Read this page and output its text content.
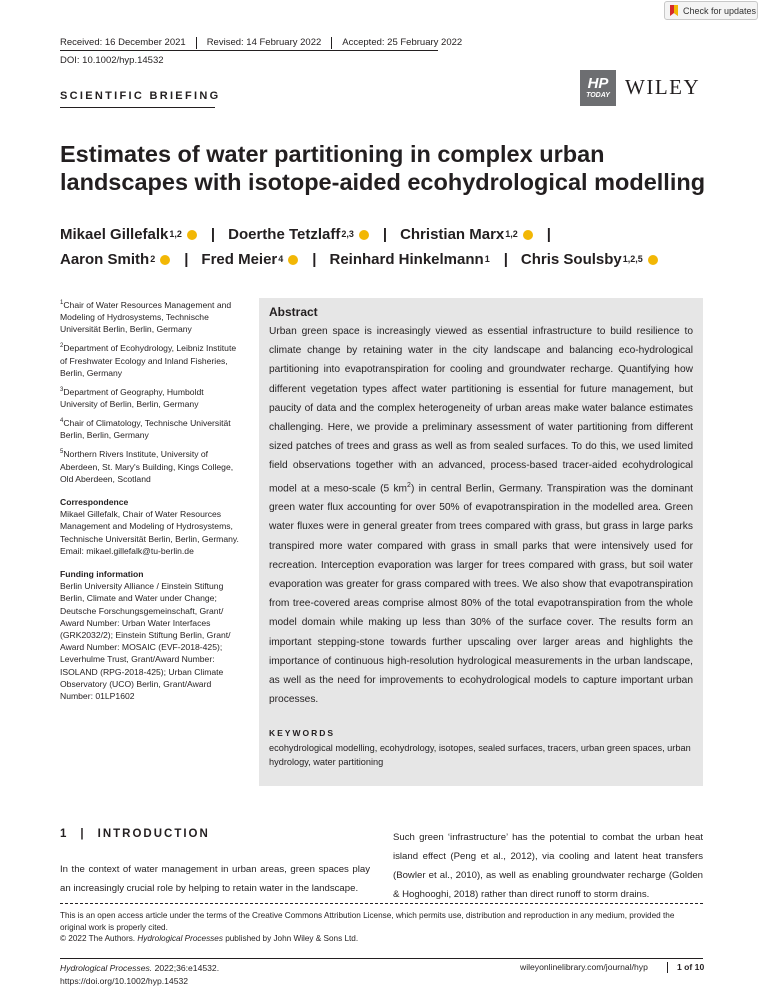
Check for updates
Received: 16 December 2021	Revised: 14 February 2022	Accepted: 25 February 2022
DOI: 10.1002/hyp.14532
HP
TODAY WILEY
SCIENTIFIC BRIEFING
Estimates of water partitioning in complex urban landscapes with isotope-aided ecohydrological modelling
Mikael Gillefalk$^{1,2}$ | Doerthe Tetzlaff$^{2,3}$ | Christian Marx$^{1,2}$ |

Aaron Smith$^2$ | Fred Meier$^4$ | Reinhard Hinkelmann$^1$ | Chris Soulsby$^{1,2,5}$
$^1$Chair of Water Resources Management and Modeling of Hydrosystems, Technische Universität Berlin, Berlin, Germany
$^2$Department of Ecohydrology, Leibniz Institute of Freshwater Ecology and Inland Fisheries, Berlin, Germany
$^3$Department of Geography, Humboldt University of Berlin, Berlin, Germany
$^4$Chair of Climatology, Technische Universität Berlin, Berlin, Germany
$^5$Northern Rivers Institute, University of Aberdeen, St. Mary's Building, Kings College, Old Aberdeen, Scotland
Correspondence
Mikael Gillefalk, Chair of Water Resources Management and Modeling of Hydrosystems, Technische Universität Berlin, Berlin, Germany.
Email: mikael.gillefalk@tu-berlin.de
Funding information
Berlin University Alliance / Einstein Stiftung Berlin, Climate and Water under Change; Deutsche Forschungsgemeinschaft, Grant/ Award Number: Urban Water Interfaces (GRK2032/2); Einstein Stiftung Berlin, Grant/ Award Number: MOSAIC (EVF-2018-425); Leverhulme Trust, Grant/Award Number: ISOLAND (RPG-2018-425); Urban Climate Observatory (UCO) Berlin, Grant/Award Number: 01LP1602
Abstract

Urban green space is increasingly viewed as essential infrastructure to build resilience to climate change by retaining water in the city landscape and balancing eco-hydrological partitioning into evapotranspiration for cooling and groundwater recharge. Quantifying how different vegetation types affect water partitioning is essential for future management, but paucity of data and the complex heterogeneity of urban areas make water balance estimates challenging. Here, we provide a preliminary assessment of water partitioning from different sized patches of trees and grass as well as from sealed surfaces. To do this, we used limited field observations together with an advanced, process-based tracer-aided ecohydrological model at a meso-scale (5 $km^2$) in central Berlin, Germany. Transpiration was the dominant green water flux accounting for over 50% of evapotranspiration in the modelled area. Green water fluxes were in general greater from trees compared with grass, but grass in large parks transpired more water compared with grass in small parks that were intensively used for recreation. Interception evaporation was larger for trees compared with grass, but soil water evaporation was greater for grass compared with trees. We also show that evapotranspiration from tree-covered areas comprise almost 80% of the total evapotranspiration from the whole model domain while making up less than 30% of the surface cover. The results form an important stepping-stone towards further upscaling over larger areas and highlights the importance of continuous high-resolution hydrological measurements in the urban landscape, as well as the need for improvements to ecohydrological models to capture important urban processes.

KEYWORDS
ecohydrological modelling, ecohydrology, isotopes, sealed surfaces, tracers, urban green spaces, urban hydrology, water partitioning
1 | INTRODUCTION

In the context of water management in urban areas, green spaces play an increasingly crucial role by helping to retain water in the landscape.

Such green ‘infrastructure’ has the potential to combat the urban heat island effect (Peng et al., 2012), via cooling and latent heat transfers (Bowler et al., 2010), as well as enabling groundwater recharge (Golden & Hoghooghi, 2018) rather than direct runoff to storm drains.

This is an open access article under the terms of the Creative Commons Attribution License, which permits use, distribution and reproduction in any medium, provided the original work is properly cited.
© 2022 The Authors. Hydrological Processes published by John Wiley & Sons Ltd.
Hydrological Processes. 2022;36:e14532.
https://doi.org/10.1002/hyp.14532
wileyonlinelibrary.com/journal/hyp	1 of 10
